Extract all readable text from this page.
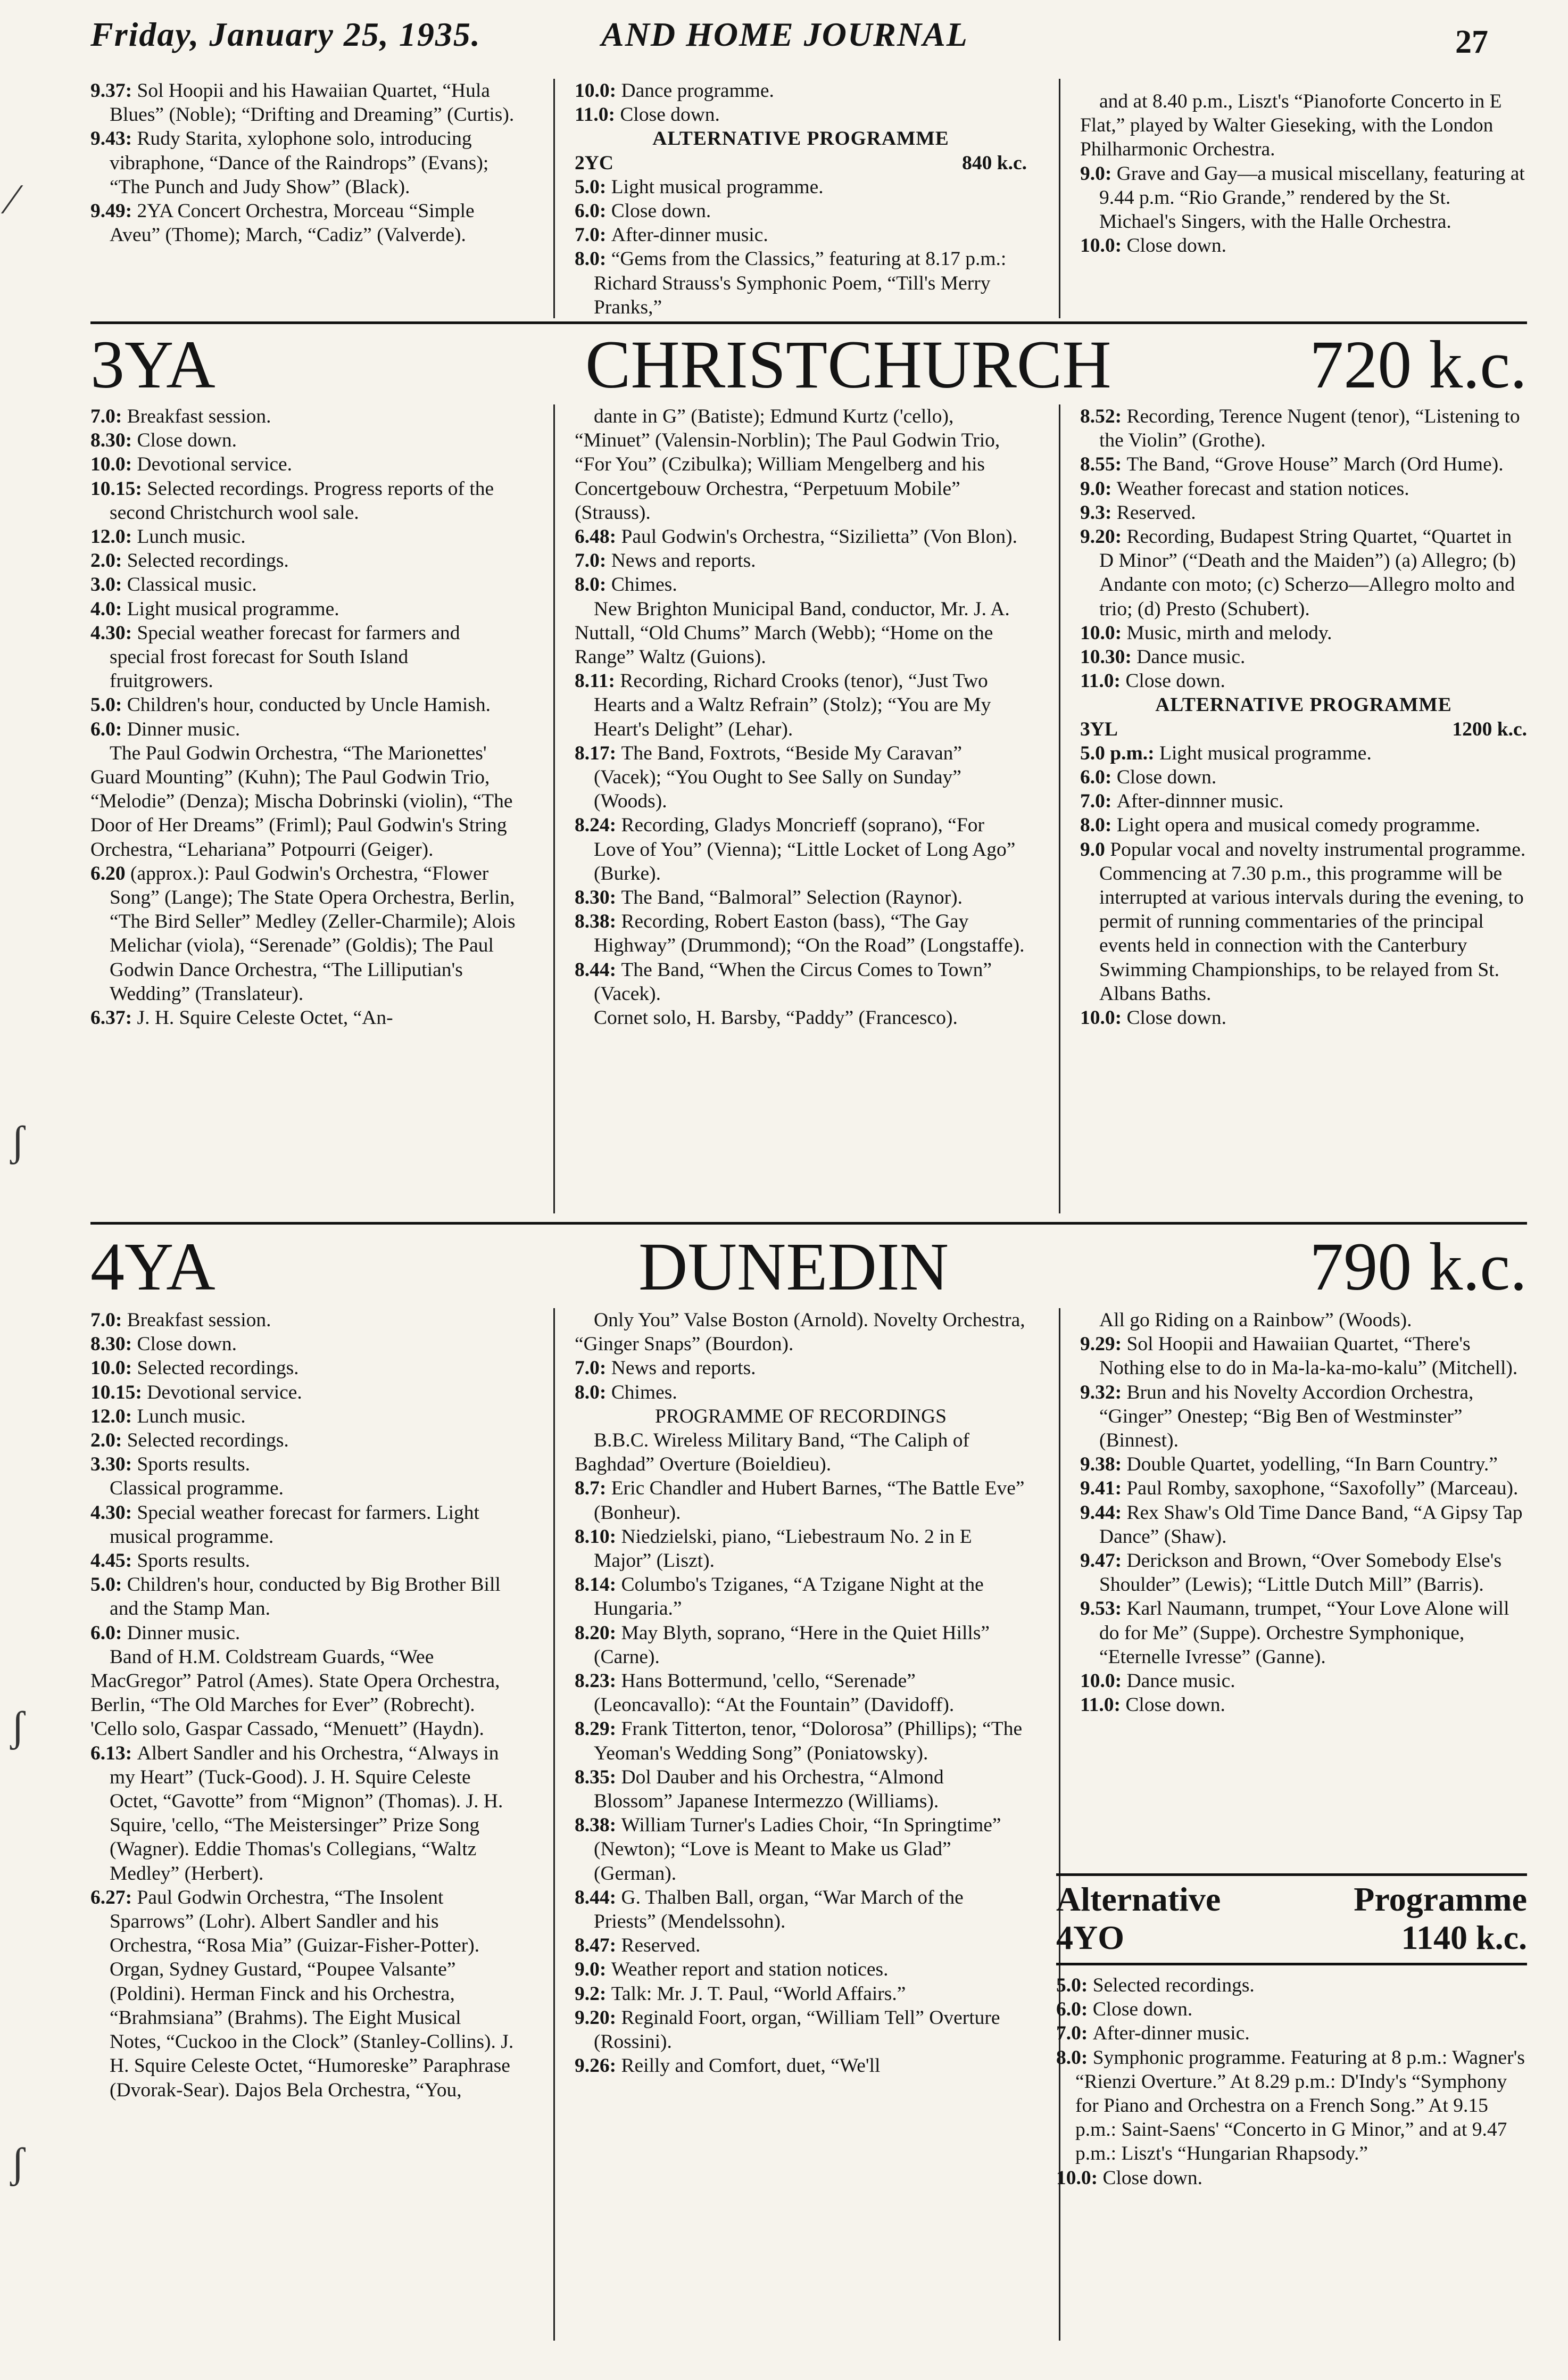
Friday, January 25, 1935.	AND HOME JOURNAL	27

9.37: Sol Hoopii and his Hawaiian Quartet, “Hula Blues” (Noble); “Drifting and Dreaming” (Curtis).

9.43: Rudy Starita, xylophone solo, introducing vibraphone, “Dance of the Raindrops” (Evans); “The Punch and Judy Show” (Black).

9.49: 2YA Concert Orchestra, Morceau “Simple Aveu” (Thome); March, “Cadiz” (Valverde).

10.0: Dance programme.

11.0: Close down.

ALTERNATIVE PROGRAMME

2YC	840 k.c.

5.0: Light musical programme.

6.0: Close down.

7.0: After-dinner music.

8.0: “Gems from the Classics,” featuring at 8.17 p.m.: Richard Strauss's Symphonic Poem, “Till's Merry Pranks,”

and at 8.40 p.m., Liszt's “Pianoforte Concerto in E Flat,” played by Walter Gieseking, with the London Philharmonic Orchestra.

9.0: Grave and Gay—a musical miscellany, featuring at 9.44 p.m. “Rio Grande,” rendered by the St. Michael's Singers, with the Halle Orchestra.

10.0: Close down.

3YA	CHRISTCHURCH	720 k.c.

7.0: Breakfast session.

8.30: Close down.

10.0: Devotional service.

10.15: Selected recordings. Progress reports of the second Christchurch wool sale.

12.0: Lunch music.

2.0: Selected recordings.

3.0: Classical music.

4.0: Light musical programme.

4.30: Special weather forecast for farmers and special frost forecast for South Island fruitgrowers.

5.0: Children's hour, conducted by Uncle Hamish.

6.0: Dinner music.

The Paul Godwin Orchestra, “The Marionettes' Guard Mounting” (Kuhn); The Paul Godwin Trio, “Melodie” (Denza); Mischa Dobrinski (violin), “The Door of Her Dreams” (Friml); Paul Godwin's String Orchestra, “Lehariana” Potpourri (Geiger).

6.20 (approx.): Paul Godwin's Orchestra, “Flower Song” (Lange); The State Opera Orchestra, Berlin, “The Bird Seller” Medley (Zeller-Charmile); Alois Melichar (viola), “Serenade” (Goldis); The Paul Godwin Dance Orchestra, “The Lilliputian's Wedding” (Translateur).

6.37: J. H. Squire Celeste Octet, “An-

dante in G” (Batiste); Edmund Kurtz ('cello), “Minuet” (Valensin-Norblin); The Paul Godwin Trio, “For You” (Czibulka); William Mengelberg and his Concertgebouw Orchestra, “Perpetuum Mobile” (Strauss).

6.48: Paul Godwin's Orchestra, “Sizilietta” (Von Blon).

7.0: News and reports.

8.0: Chimes.

New Brighton Municipal Band, conductor, Mr. J. A. Nuttall, “Old Chums” March (Webb); “Home on the Range” Waltz (Guions).

8.11: Recording, Richard Crooks (tenor), “Just Two Hearts and a Waltz Refrain” (Stolz); “You are My Heart's Delight” (Lehar).

8.17: The Band, Foxtrots, “Beside My Caravan” (Vacek); “You Ought to See Sally on Sunday” (Woods).

8.24: Recording, Gladys Moncrieff (soprano), “For Love of You” (Vienna); “Little Locket of Long Ago” (Burke).

8.30: The Band, “Balmoral” Selection (Raynor).

8.38: Recording, Robert Easton (bass), “The Gay Highway” (Drummond); “On the Road” (Longstaffe).

8.44: The Band, “When the Circus Comes to Town” (Vacek).

Cornet solo, H. Barsby, “Paddy” (Francesco).

8.52: Recording, Terence Nugent (tenor), “Listening to the Violin” (Grothe).

8.55: The Band, “Grove House” March (Ord Hume).

9.0: Weather forecast and station notices.

9.3: Reserved.

9.20: Recording, Budapest String Quartet, “Quartet in D Minor” (“Death and the Maiden”) (a) Allegro; (b) Andante con moto; (c) Scherzo—Allegro molto and trio; (d) Presto (Schubert).

10.0: Music, mirth and melody.

10.30: Dance music.

11.0: Close down.

ALTERNATIVE PROGRAMME

3YL	1200 k.c.

5.0 p.m.: Light musical programme.

6.0: Close down.

7.0: After-dinnner music.

8.0: Light opera and musical comedy programme.

9.0 Popular vocal and novelty instrumental programme. Commencing at 7.30 p.m., this programme will be interrupted at various intervals during the evening, to permit of running commentaries of the principal events held in connection with the Canterbury Swimming Championships, to be relayed from St. Albans Baths.

10.0: Close down.

4YA	DUNEDIN	790 k.c.

7.0: Breakfast session.

8.30: Close down.

10.0: Selected recordings.

10.15: Devotional service.

12.0: Lunch music.

2.0: Selected recordings.

3.30: Sports results.

Classical programme.

4.30: Special weather forecast for farmers. Light musical programme.

4.45: Sports results.

5.0: Children's hour, conducted by Big Brother Bill and the Stamp Man.

6.0: Dinner music.

Band of H.M. Coldstream Guards, “Wee MacGregor” Patrol (Ames). State Opera Orchestra, Berlin, “The Old Marches for Ever” (Robrecht). 'Cello solo, Gaspar Cassado, “Menuett” (Haydn).

6.13: Albert Sandler and his Orchestra, “Always in my Heart” (Tuck-Good). J. H. Squire Celeste Octet, “Gavotte” from “Mignon” (Thomas). J. H. Squire, 'cello, “The Meistersinger” Prize Song (Wagner). Eddie Thomas's Collegians, “Waltz Medley” (Herbert).

6.27: Paul Godwin Orchestra, “The Insolent Sparrows” (Lohr). Albert Sandler and his Orchestra, “Rosa Mia” (Guizar-Fisher-Potter). Organ, Sydney Gustard, “Poupee Valsante” (Poldini). Herman Finck and his Orchestra, “Brahmsiana” (Brahms). The Eight Musical Notes, “Cuckoo in the Clock” (Stanley-Collins). J. H. Squire Celeste Octet, “Humoreske” Paraphrase (Dvorak-Sear). Dajos Bela Orchestra, “You,

Only You” Valse Boston (Arnold). Novelty Orchestra, “Ginger Snaps” (Bourdon).

7.0: News and reports.

8.0: Chimes.

PROGRAMME OF RECORDINGS

B.B.C. Wireless Military Band, “The Caliph of Baghdad” Overture (Boieldieu).

8.7: Eric Chandler and Hubert Barnes, “The Battle Eve” (Bonheur).

8.10: Niedzielski, piano, “Liebestraum No. 2 in E Major” (Liszt).

8.14: Columbo's Tziganes, “A Tzigane Night at the Hungaria.”

8.20: May Blyth, soprano, “Here in the Quiet Hills” (Carne).

8.23: Hans Bottermund, 'cello, “Serenade” (Leoncavallo): “At the Fountain” (Davidoff).

8.29: Frank Titterton, tenor, “Dolorosa” (Phillips); “The Yeoman's Wedding Song” (Poniatowsky).

8.35: Dol Dauber and his Orchestra, “Almond Blossom” Japanese Intermezzo (Williams).

8.38: William Turner's Ladies Choir, “In Springtime” (Newton); “Love is Meant to Make us Glad” (German).

8.44: G. Thalben Ball, organ, “War March of the Priests” (Mendelssohn).

8.47: Reserved.

9.0: Weather report and station notices.

9.2: Talk: Mr. J. T. Paul, “World Affairs.”

9.20: Reginald Foort, organ, “William Tell” Overture (Rossini).

9.26: Reilly and Comfort, duet, “We'll

All go Riding on a Rainbow” (Woods).

9.29: Sol Hoopii and Hawaiian Quartet, “There's Nothing else to do in Ma-la-ka-mo-kalu” (Mitchell).

9.32: Brun and his Novelty Accordion Orchestra, “Ginger” Onestep; “Big Ben of Westminster” (Binnest).

9.38: Double Quartet, yodelling, “In Barn Country.”

9.41: Paul Romby, saxophone, “Saxofolly” (Marceau).

9.44: Rex Shaw's Old Time Dance Band, “A Gipsy Tap Dance” (Shaw).

9.47: Derickson and Brown, “Over Somebody Else's Shoulder” (Lewis); “Little Dutch Mill” (Barris).

9.53: Karl Naumann, trumpet, “Your Love Alone will do for Me” (Suppe). Orchestre Symphonique, “Eternelle Ivresse” (Ganne).

10.0: Dance music.

11.0: Close down.

Alternative	Programme
4YO	1140 k.c.

5.0: Selected recordings.

6.0: Close down.

7.0: After-dinner music.

8.0: Symphonic programme. Featuring at 8 p.m.: Wagner's “Rienzi Overture.” At 8.29 p.m.: D'Indy's “Symphony for Piano and Orchestra on a French Song.” At 9.15 p.m.: Saint-Saens' “Concerto in G Minor,” and at 9.47 p.m.: Liszt's “Hungarian Rhapsody.”

10.0: Close down.

⁄
ʃ
ʃ
ʃ
